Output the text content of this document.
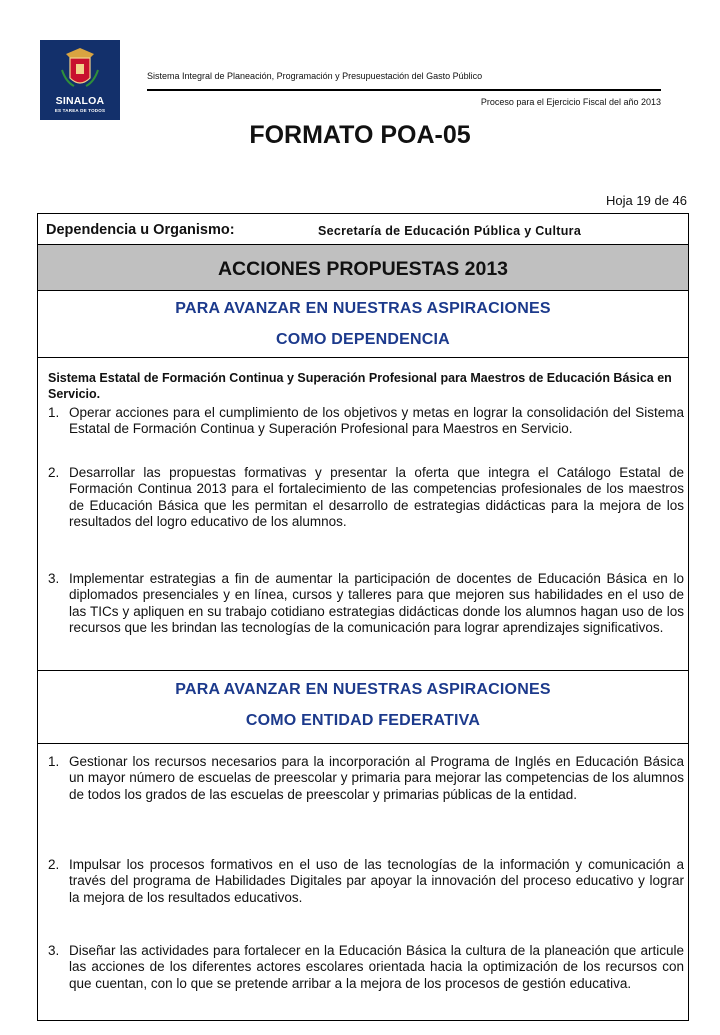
SINALOA
ES TAREA DE TODOS
Sistema Integral de Planeación, Programación y Presupuestación del Gasto Público
Proceso para el Ejercicio Fiscal del año 2013
FORMATO POA-05
Hoja 19 de 46
Dependencia u Organismo:	Secretaría de Educación Pública y Cultura
ACCIONES PROPUESTAS 2013
PARA AVANZAR EN NUESTRAS ASPIRACIONES
COMO DEPENDENCIA
Sistema Estatal de Formación Continua y Superación Profesional para Maestros de Educación Básica en Servicio.
1. Operar acciones para el cumplimiento de los objetivos y metas en lograr la consolidación del Sistema Estatal de Formación Continua y Superación Profesional para Maestros en Servicio.
2. Desarrollar las propuestas formativas y presentar la oferta que integra el Catálogo Estatal de Formación Continua 2013 para el fortalecimiento de las competencias profesionales de los maestros de Educación Básica que les permitan el desarrollo de estrategias didácticas para la mejora de los resultados del logro educativo de los alumnos.
3. Implementar estrategias a fin de aumentar la participación de docentes de Educación Básica en lo diplomados presenciales y en línea, cursos y talleres para que mejoren sus habilidades en el uso de las TICs y apliquen en su trabajo cotidiano estrategias didácticas donde los alumnos hagan uso de los recursos que les brindan las tecnologías de la comunicación para lograr aprendizajes significativos.
PARA AVANZAR EN NUESTRAS ASPIRACIONES
COMO ENTIDAD FEDERATIVA
1. Gestionar los recursos necesarios para la incorporación al Programa de Inglés en Educación Básica un mayor número de escuelas de preescolar y primaria para mejorar las competencias de los alumnos de todos los grados de las escuelas de preescolar y primarias públicas de la entidad.
2. Impulsar los procesos formativos en el uso de las tecnologías de la información y comunicación a través del programa de Habilidades Digitales par apoyar la innovación del proceso educativo y lograr la mejora de los resultados educativos.
3. Diseñar las actividades para fortalecer en la Educación Básica la cultura de la planeación que articule las acciones de los diferentes actores escolares orientada hacia la optimización de los recursos con que cuentan, con lo que se pretende arribar a la mejora de los procesos de gestión educativa.
